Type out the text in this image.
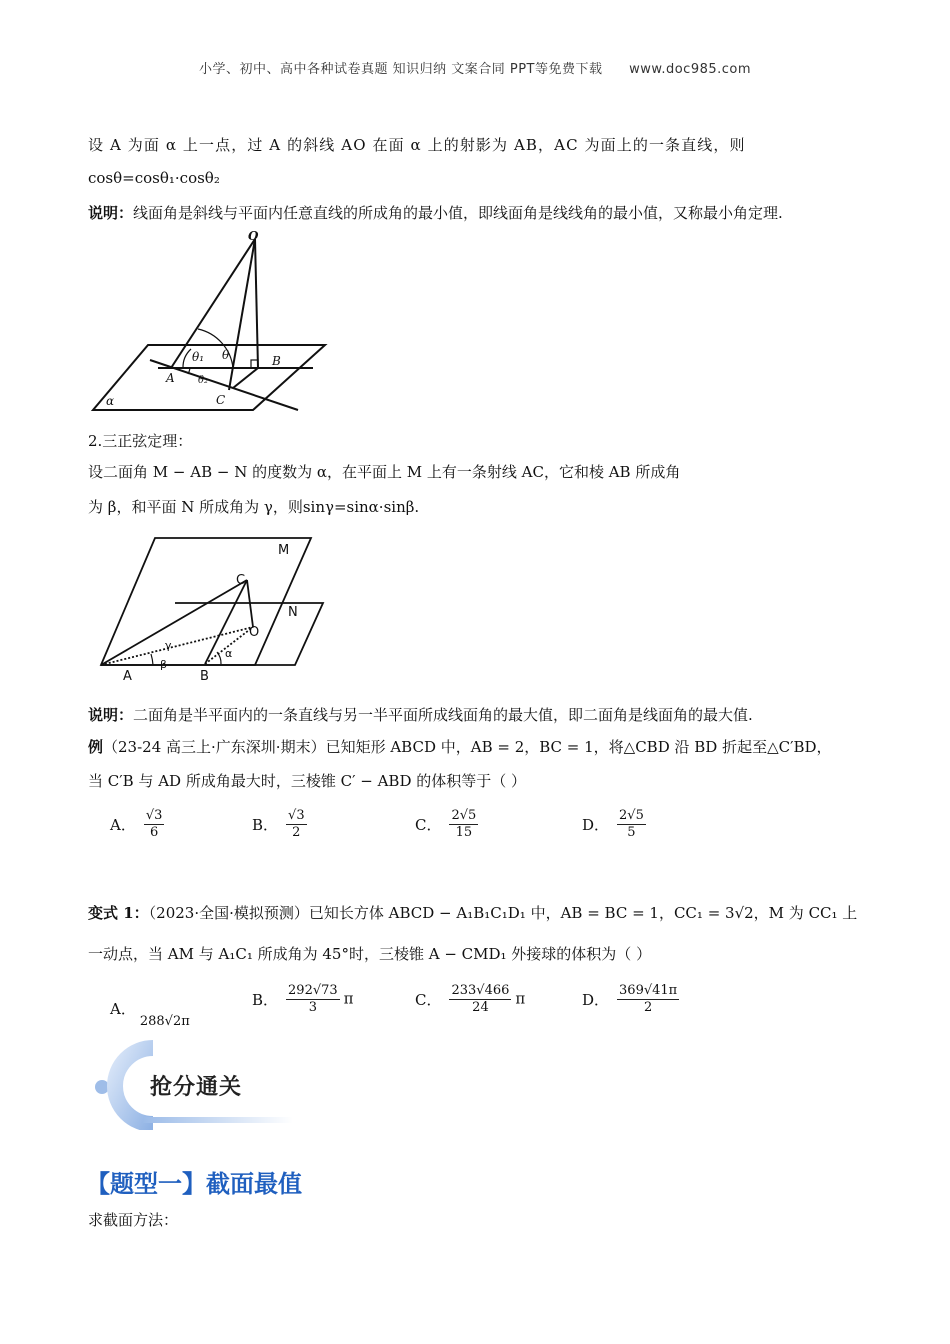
小学、初中、高中各种试卷真题 知识归纳 文案合同 PPT等免费下载 www.doc985.com
设 A 为面 α 上一点，过 A 的斜线 AO 在面 α 上的射影为 AB，AC 为面上的一条直线，则
cosθ=cosθ₁·cosθ₂
说明：线面角是斜线与平面内任意直线的所成角的最小值，即线面角是线线角的最小值，又称最小角定理.
O
θ₁ θ	B
A θ₂
C
α
2.三正弦定理：
设二面角 M − AB − N 的度数为 α，在平面上 M 上有一条射线 AC，它和棱 AB 所成角
为 β，和平面 N 所成角为 γ，则sinγ=sinα·sinβ.
M
N
C
O
γ
β
α
A	B
说明：二面角是半平面内的一条直线与另一半平面所成线面角的最大值，即二面角是线面角的最大值.
例（23-24 高三上·广东深圳·期末）已知矩形 ABCD 中，AB = 2，BC = 1，将△CBD 沿 BD 折起至△C′BD，
当 C′B 与 AD 所成角最大时，三棱锥 C′ − ABD 的体积等于（ ）
A． $\frac{√3}{6}$	B． $\frac{√3}{2}$	C． $\frac{2√5}{15}$	D． $\frac{2√5}{5}$
变式 1：（2023·全国·模拟预测）已知长方体 ABCD − A₁B₁C₁D₁ 中，AB = BC = 1，CC₁ = 3√2，M 为 CC₁ 上
一动点，当 AM 与 A₁C₁ 所成角为 45°时，三棱锥 A − CMD₁ 外接球的体积为（ ）
A．288√2π
B． $\frac{292√73}{3}$ π	C． $\frac{233√466}{24}$ π	D． $\frac{369√41\pi}{2}$
抢分通关
【题型一】截面最值
求截面方法：
